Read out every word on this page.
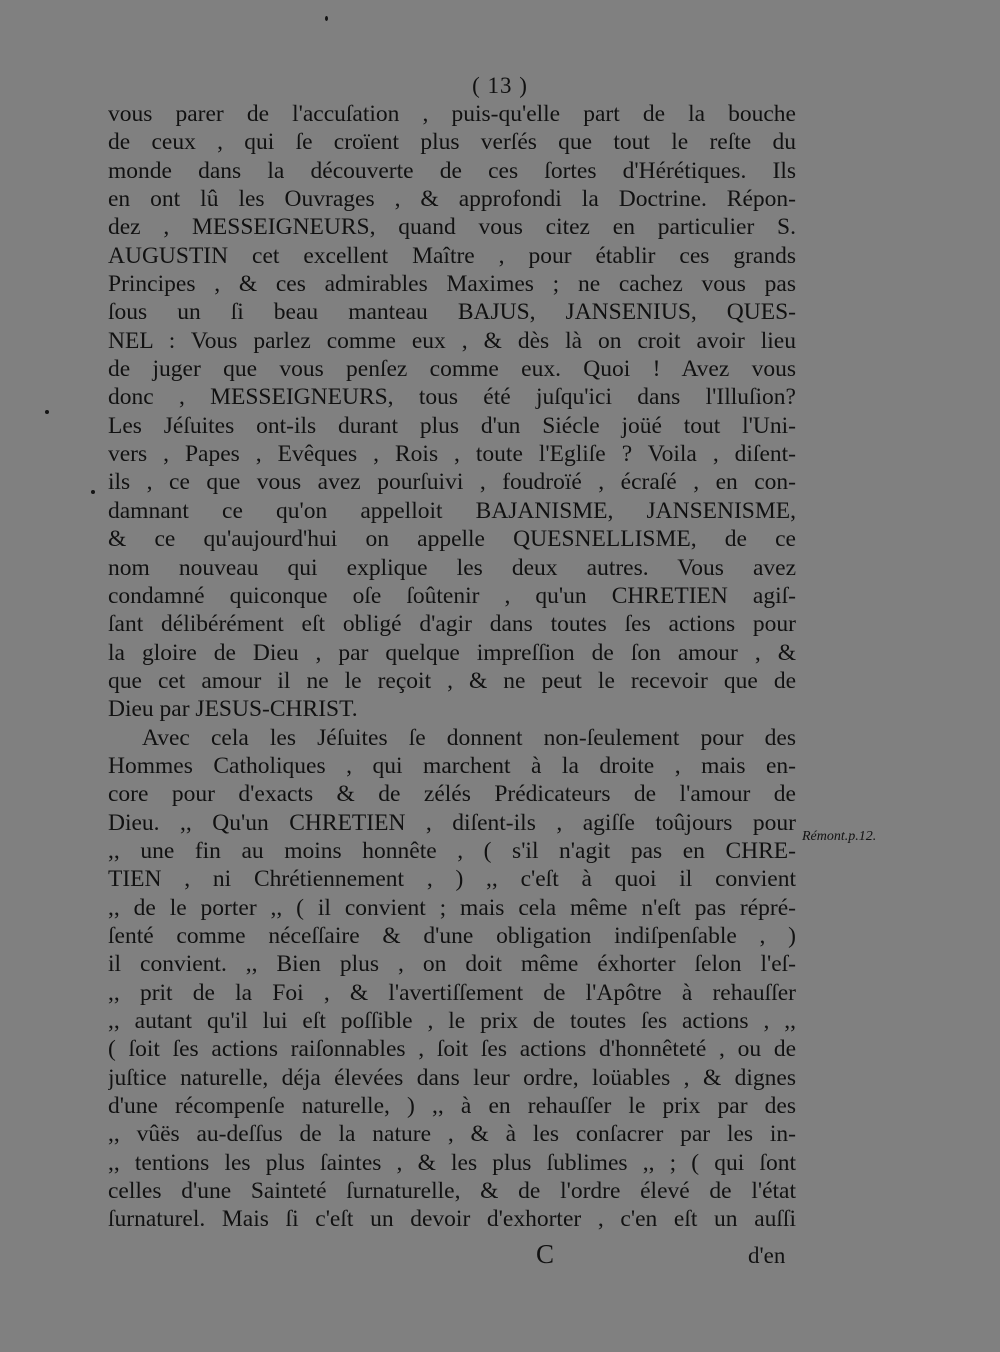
( 13 )
vous parer de l'accuſation , puis-qu'elle part de la bouche
de ceux , qui ſe croïent plus verſés que tout le reſte du
monde dans la découverte de ces ſortes d'Hérétiques. Ils
en ont lû les Ouvrages , & approfondi la Doctrine. Répon-
dez , MESSEIGNEURS, quand vous citez en particulier S.
AUGUSTIN cet excellent Maître , pour établir ces grands
Principes , & ces admirables Maximes ; ne cachez vous pas
ſous un ſi beau manteau BAJUS, JANSENIUS, QUES-
NEL : Vous parlez comme eux , & dès là on croit avoir lieu
de juger que vous penſez comme eux. Quoi ! Avez vous
donc , MESSEIGNEURS, tous été juſqu'ici dans l'Illuſion?
Les Jéſuites ont-ils durant plus d'un Siécle joüé tout l'Uni-
vers , Papes , Evêques , Rois , toute l'Egliſe ? Voila , diſent-
ils , ce que vous avez pourſuivi , foudroïé , écraſé , en con-
damnant ce qu'on appelloit BAJANISME, JANSENISME,
& ce qu'aujourd'hui on appelle QUESNELLISME, de ce
nom nouveau qui explique les deux autres. Vous avez
condamné quiconque oſe ſoûtenir , qu'un CHRETIEN agiſ-
ſant délibérément eſt obligé d'agir dans toutes ſes actions pour
la gloire de Dieu , par quelque impreſſion de ſon amour , &
que cet amour il ne le reçoit , & ne peut le recevoir que de
Dieu par JESUS-CHRIST.
Avec cela les Jéſuites ſe donnent non-ſeulement pour des
Hommes Catholiques , qui marchent à la droite , mais en-
core pour d'exacts & de zélés Prédicateurs de l'amour de
Dieu. ,, Qu'un CHRETIEN , diſent-ils , agiſſe toûjours pour
,, une fin au moins honnête , ( s'il n'agit pas en CHRE-
TIEN , ni Chrétiennement , ) ,, c'eſt à quoi il convient
,, de le porter ,, ( il convient ; mais cela même n'eſt pas répré-
ſenté comme néceſſaire & d'une obligation indiſpenſable , )
il convient. ,, Bien plus , on doit même éxhorter ſelon l'eſ-
,, prit de la Foi , & l'avertiſſement de l'Apôtre à rehauſſer
,, autant qu'il lui eſt poſſible , le prix de toutes ſes actions , ,,
( ſoit ſes actions raiſonnables , ſoit ſes actions d'honnêteté , ou de
juſtice naturelle, déja élevées dans leur ordre, loüables , & dignes
d'une récompenſe naturelle, ) ,, à en rehauſſer le prix par des
,, vûës au-deſſus de la nature , & à les conſacrer par les in-
,, tentions les plus ſaintes , & les plus ſublimes ,, ; ( qui ſont
celles d'une Sainteté ſurnaturelle, & de l'ordre élevé de l'état
ſurnaturel. Mais ſi c'eſt un devoir d'exhorter , c'en eſt un auſſi
Rémont.p.12.
C	d'en
